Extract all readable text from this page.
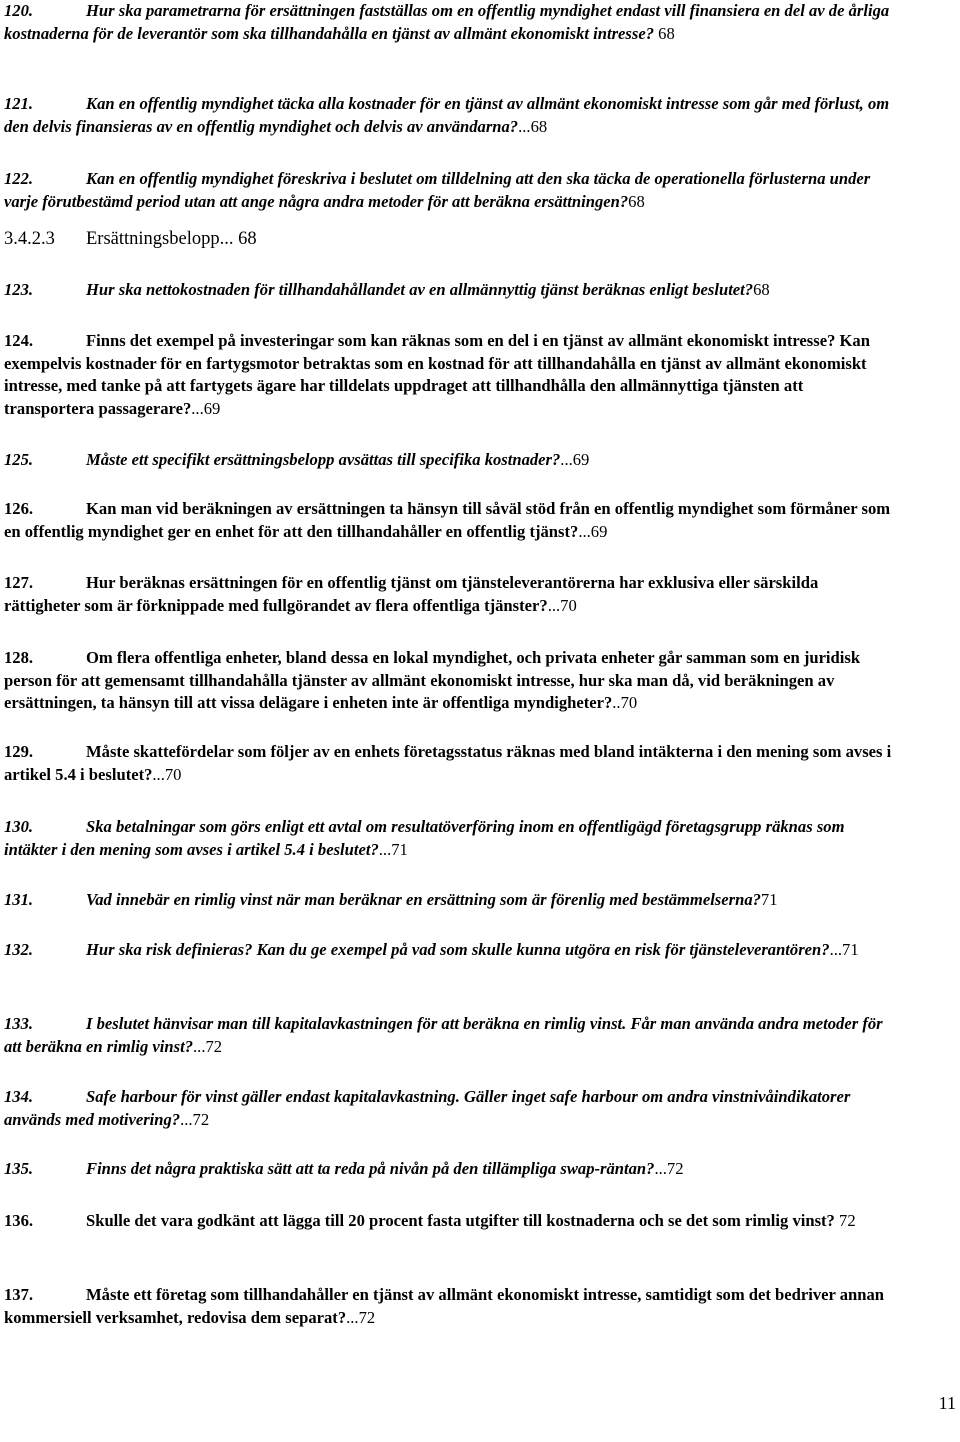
120.	Hur ska parametrarna för ersättningen fastställas om en offentlig myndighet endast vill finansiera en del av de årliga kostnaderna för de leverantör som ska tillhandahålla en tjänst av allmänt ekonomiskt intresse? 68
121.	Kan en offentlig myndighet täcka alla kostnader för en tjänst av allmänt ekonomiskt intresse som går med förlust, om den delvis finansieras av en offentlig myndighet och delvis av användarna?...68
122.	Kan en offentlig myndighet föreskriva i beslutet om tilldelning att den ska täcka de operationella förlusterna under varje förutbestämd period utan att ange några andra metoder för att beräkna ersättningen?68
3.4.2.3 Ersättningsbelopp... 68
123.	Hur ska nettokostnaden för tillhandahållandet av en allmännyttig tjänst beräknas enligt beslutet?68
124.	Finns det exempel på investeringar som kan räknas som en del i en tjänst av allmänt ekonomiskt intresse? Kan exempelvis kostnader för en fartygsmotor betraktas som en kostnad för att tillhandahålla en tjänst av allmänt ekonomiskt intresse, med tanke på att fartygets ägare har tilldelats uppdraget att tillhandhålla den allmännyttiga tjänsten att transportera passagerare?...69
125.	Måste ett specifikt ersättningsbelopp avsättas till specifika kostnader?...69
126.	Kan man vid beräkningen av ersättningen ta hänsyn till såväl stöd från en offentlig myndighet som förmåner som en offentlig myndighet ger en enhet för att den tillhandahåller en offentlig tjänst?...69
127.	Hur beräknas ersättningen för en offentlig tjänst om tjänsteleverantörerna har exklusiva eller särskilda rättigheter som är förknippade med fullgörandet av flera offentliga tjänster?...70
128.	Om flera offentliga enheter, bland dessa en lokal myndighet, och privata enheter går samman som en juridisk person för att gemensamt tillhandahålla tjänster av allmänt ekonomiskt intresse, hur ska man då, vid beräkningen av ersättningen, ta hänsyn till att vissa delägare i enheten inte är offentliga myndigheter?..70
129.	Måste skattefördelar som följer av en enhets företagsstatus räknas med bland intäkterna i den mening som avses i artikel 5.4 i beslutet?...70
130.	Ska betalningar som görs enligt ett avtal om resultatöverföring inom en offentligägd företagsgrupp räknas som intäkter i den mening som avses i artikel 5.4 i beslutet?...71
131.	Vad innebär en rimlig vinst när man beräknar en ersättning som är förenlig med bestämmelserna?71
132.	Hur ska risk definieras? Kan du ge exempel på vad som skulle kunna utgöra en risk för tjänsteleverantören?...71
133.	I beslutet hänvisar man till kapitalavkastningen för att beräkna en rimlig vinst. Får man använda andra metoder för att beräkna en rimlig vinst?...72
134.	Safe harbour för vinst gäller endast kapitalavkastning. Gäller inget safe harbour om andra vinstnivåindikatorer används med motivering?...72
135.	Finns det några praktiska sätt att ta reda på nivån på den tillämpliga swap-räntan?...72
136.	Skulle det vara godkänt att lägga till 20 procent fasta utgifter till kostnaderna och se det som rimlig vinst? 72
137.	Måste ett företag som tillhandahåller en tjänst av allmänt ekonomiskt intresse, samtidigt som det bedriver annan kommersiell verksamhet, redovisa dem separat?...72
11
